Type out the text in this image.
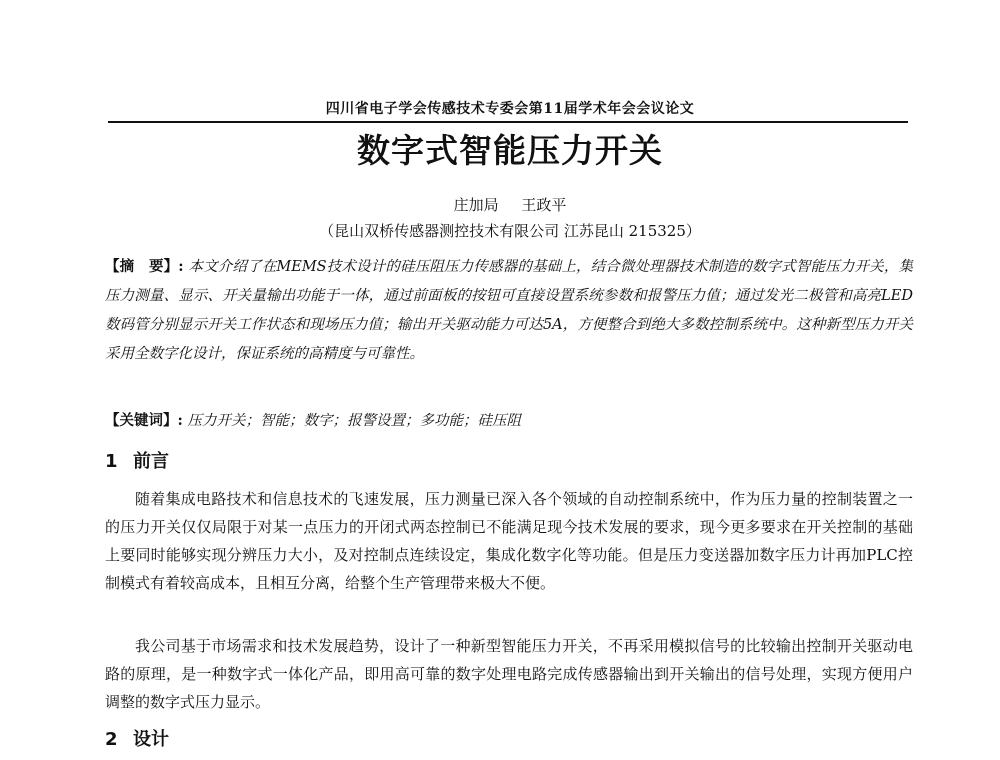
四川省电子学会传感技术专委会第11届学术年会会议论文
数字式智能压力开关
庄加局 王政平
（昆山双桥传感器测控技术有限公司 江苏昆山 215325）
【摘　要】: 本文介绍了在MEMS技术设计的硅压阻压力传感器的基础上，结合微处理器技术制造的数字式智能压力开关，集压力测量、显示、开关量输出功能于一体，通过前面板的按钮可直接设置系统参数和报警压力值；通过发光二极管和高亮LED数码管分别显示开关工作状态和现场压力值；输出开关驱动能力可达5A，方便整合到绝大多数控制系统中。这种新型压力开关采用全数字化设计，保证系统的高精度与可靠性。
【关键词】: 压力开关；智能；数字；报警设置；多功能；硅压阻
1 前言

随着集成电路技术和信息技术的飞速发展，压力测量已深入各个领域的自动控制系统中，作为压力量的控制装置之一的压力开关仅仅局限于对某一点压力的开闭式两态控制已不能满足现今技术发展的要求，现今更多要求在开关控制的基础上要同时能够实现分辨压力大小，及对控制点连续设定，集成化数字化等功能。但是压力变送器加数字压力计再加PLC控制模式有着较高成本，且相互分离，给整个生产管理带来极大不便。

我公司基于市场需求和技术发展趋势，设计了一种新型智能压力开关，不再采用模拟信号的比较输出控制开关驱动电路的原理，是一种数字式一体化产品，即用高可靠的数字处理电路完成传感器输出到开关输出的信号处理，实现方便用户调整的数字式压力显示。

2 设计
